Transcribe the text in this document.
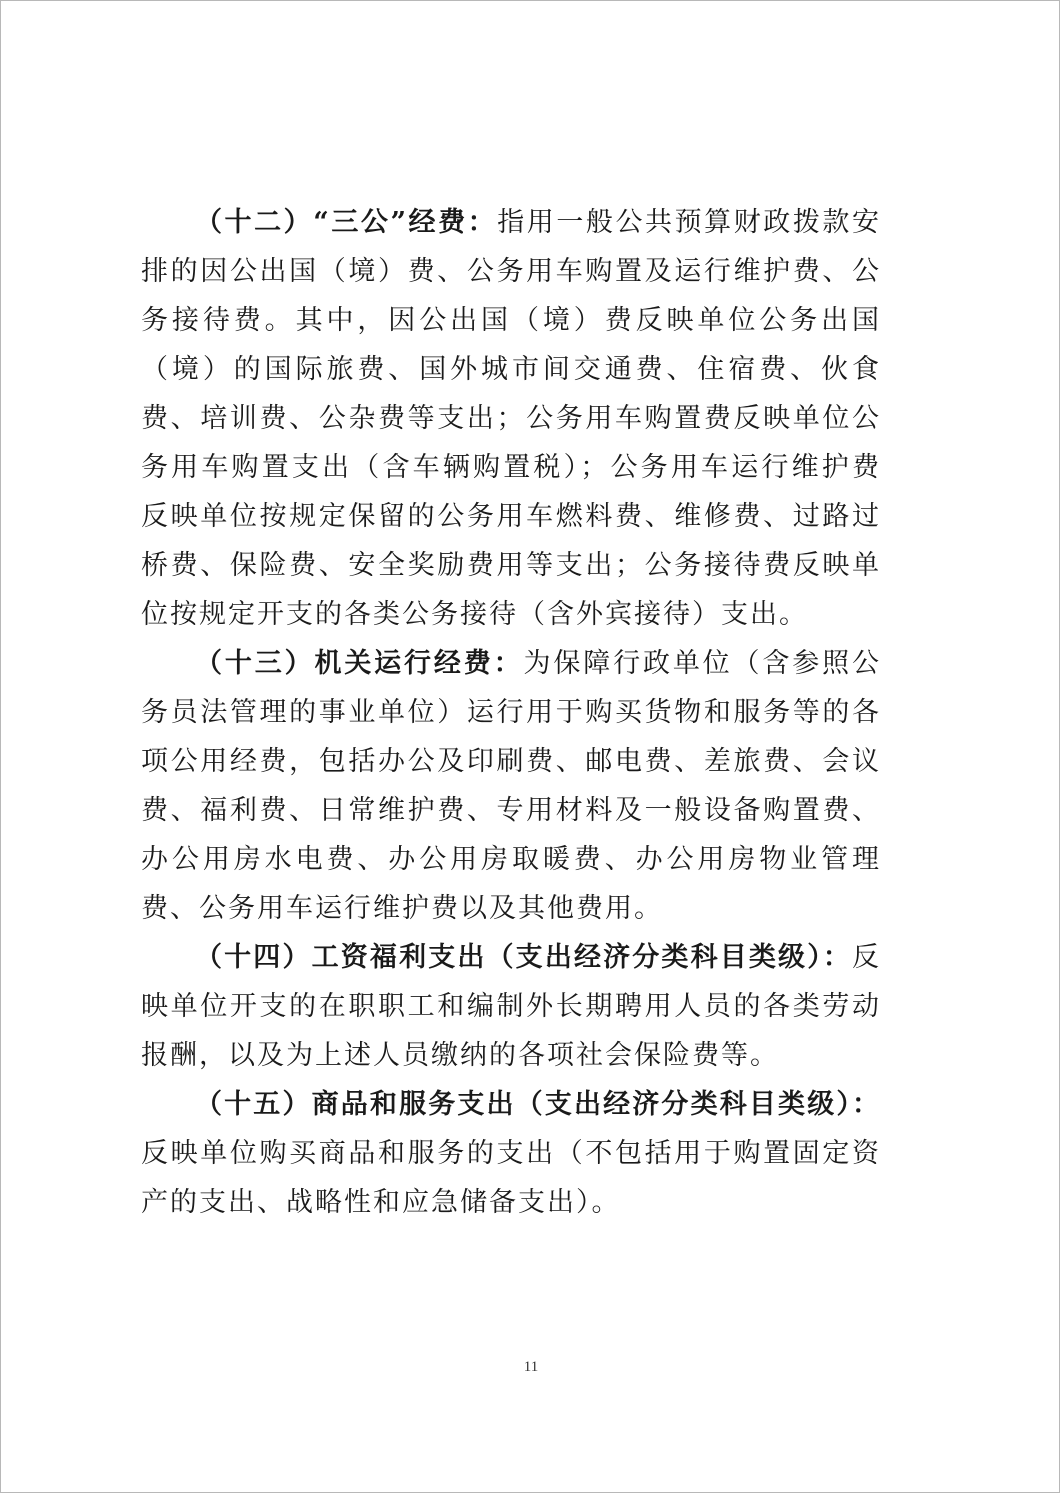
（十二）“三公”经费：指用一般公共预算财政拨款安排的因公出国（境）费、公务用车购置及运行维护费、公务接待费。其中，因公出国（境）费反映单位公务出国（境）的国际旅费、国外城市间交通费、住宿费、伙食费、培训费、公杂费等支出；公务用车购置费反映单位公务用车购置支出（含车辆购置税）；公务用车运行维护费反映单位按规定保留的公务用车燃料费、维修费、过路过桥费、保险费、安全奖励费用等支出；公务接待费反映单位按规定开支的各类公务接待（含外宾接待）支出。

（十三）机关运行经费：为保障行政单位（含参照公务员法管理的事业单位）运行用于购买货物和服务等的各项公用经费，包括办公及印刷费、邮电费、差旅费、会议费、福利费、日常维护费、专用材料及一般设备购置费、办公用房水电费、办公用房取暖费、办公用房物业管理费、公务用车运行维护费以及其他费用。

（十四）工资福利支出（支出经济分类科目类级）：反映单位开支的在职职工和编制外长期聘用人员的各类劳动报酬，以及为上述人员缴纳的各项社会保险费等。

（十五）商品和服务支出（支出经济分类科目类级）：反映单位购买商品和服务的支出（不包括用于购置固定资产的支出、战略性和应急储备支出）。

11
